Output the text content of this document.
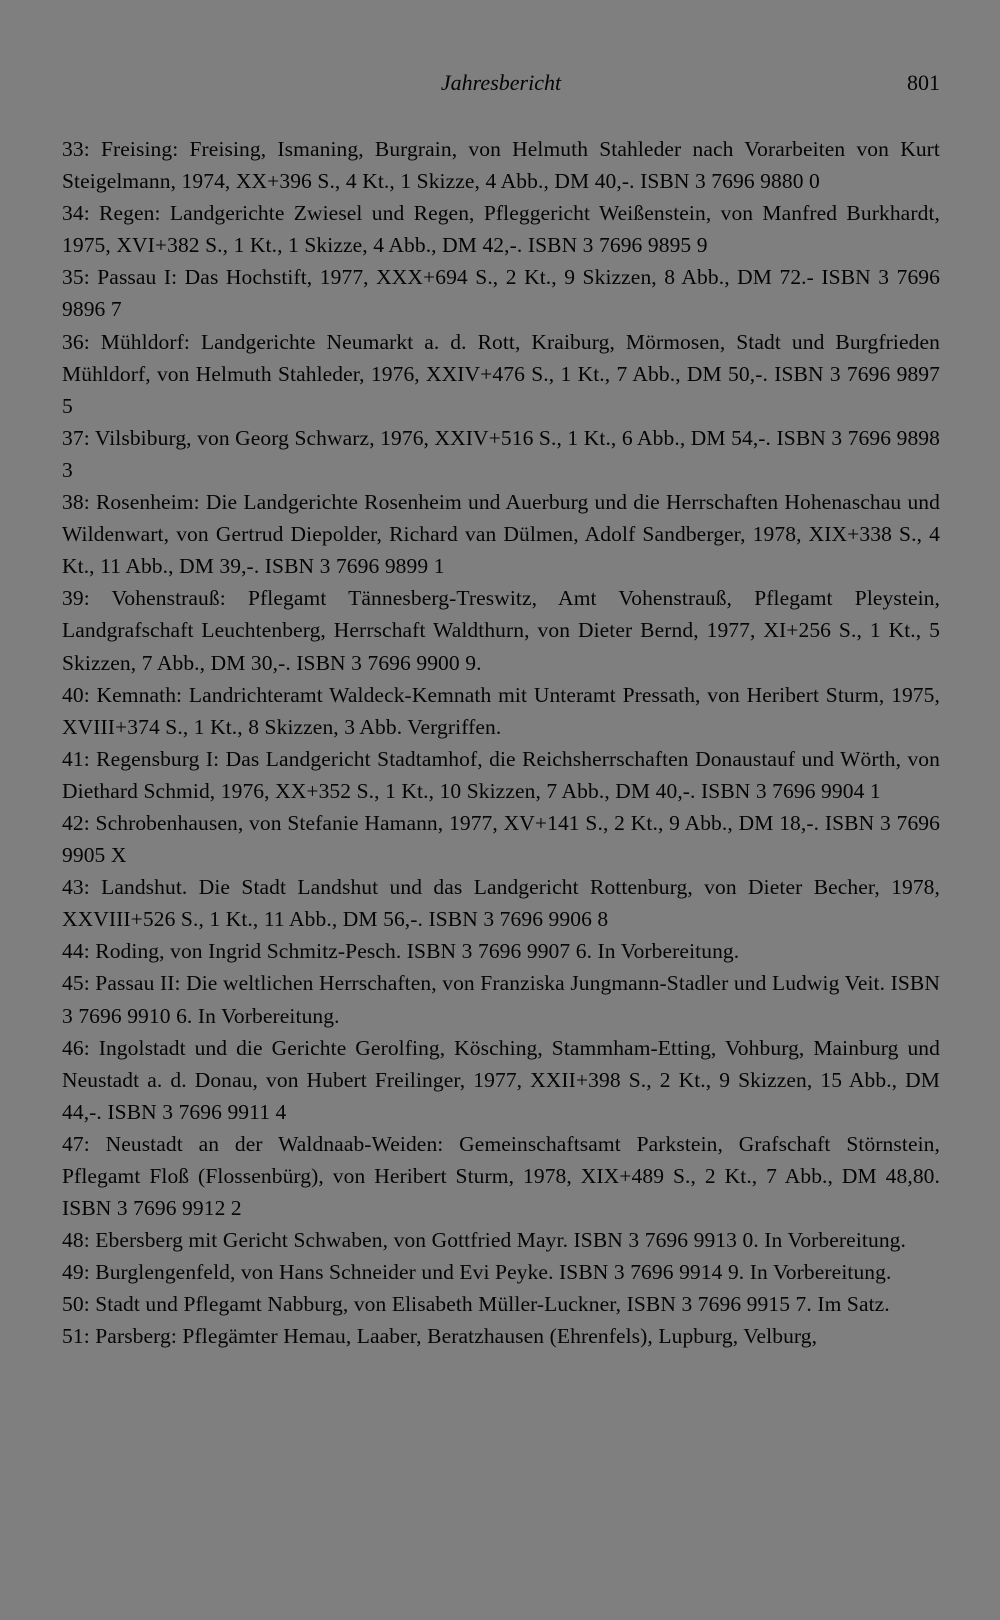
Jahresbericht	801
33: Freising: Freising, Ismaning, Burgrain, von Helmuth Stahleder nach Vorarbeiten von Kurt Steigelmann, 1974, XX+396 S., 4 Kt., 1 Skizze, 4 Abb., DM 40,-. ISBN 3 7696 9880 0
34: Regen: Landgerichte Zwiesel und Regen, Pfleggericht Weißenstein, von Manfred Burkhardt, 1975, XVI+382 S., 1 Kt., 1 Skizze, 4 Abb., DM 42,-. ISBN 3 7696 9895 9
35: Passau I: Das Hochstift, 1977, XXX+694 S., 2 Kt., 9 Skizzen, 8 Abb., DM 72.- ISBN 3 7696 9896 7
36: Mühldorf: Landgerichte Neumarkt a. d. Rott, Kraiburg, Mörmosen, Stadt und Burgfrieden Mühldorf, von Helmuth Stahleder, 1976, XXIV+476 S., 1 Kt., 7 Abb., DM 50,-. ISBN 3 7696 9897 5
37: Vilsbiburg, von Georg Schwarz, 1976, XXIV+516 S., 1 Kt., 6 Abb., DM 54,-. ISBN 3 7696 9898 3
38: Rosenheim: Die Landgerichte Rosenheim und Auerburg und die Herrschaften Hohenaschau und Wildenwart, von Gertrud Diepolder, Richard van Dülmen, Adolf Sandberger, 1978, XIX+338 S., 4 Kt., 11 Abb., DM 39,-. ISBN 3 7696 9899 1
39: Vohenstrauß: Pflegamt Tännesberg-Treswitz, Amt Vohenstrauß, Pflegamt Pleystein, Landgrafschaft Leuchtenberg, Herrschaft Waldthurn, von Dieter Bernd, 1977, XI+256 S., 1 Kt., 5 Skizzen, 7 Abb., DM 30,-. ISBN 3 7696 9900 9.
40: Kemnath: Landrichteramt Waldeck-Kemnath mit Unteramt Pressath, von Heribert Sturm, 1975, XVIII+374 S., 1 Kt., 8 Skizzen, 3 Abb. Vergriffen.
41: Regensburg I: Das Landgericht Stadtamhof, die Reichsherrschaften Donaustauf und Wörth, von Diethard Schmid, 1976, XX+352 S., 1 Kt., 10 Skizzen, 7 Abb., DM 40,-. ISBN 3 7696 9904 1
42: Schrobenhausen, von Stefanie Hamann, 1977, XV+141 S., 2 Kt., 9 Abb., DM 18,-. ISBN 3 7696 9905 X
43: Landshut. Die Stadt Landshut und das Landgericht Rottenburg, von Dieter Becher, 1978, XXVIII+526 S., 1 Kt., 11 Abb., DM 56,-. ISBN 3 7696 9906 8
44: Roding, von Ingrid Schmitz-Pesch. ISBN 3 7696 9907 6. In Vorbereitung.
45: Passau II: Die weltlichen Herrschaften, von Franziska Jungmann-Stadler und Ludwig Veit. ISBN 3 7696 9910 6. In Vorbereitung.
46: Ingolstadt und die Gerichte Gerolfing, Kösching, Stammham-Etting, Vohburg, Mainburg und Neustadt a. d. Donau, von Hubert Freilinger, 1977, XXII+398 S., 2 Kt., 9 Skizzen, 15 Abb., DM 44,-. ISBN 3 7696 9911 4
47: Neustadt an der Waldnaab-Weiden: Gemeinschaftsamt Parkstein, Grafschaft Störnstein, Pflegamt Floß (Flossenbürg), von Heribert Sturm, 1978, XIX+489 S., 2 Kt., 7 Abb., DM 48,80. ISBN 3 7696 9912 2
48: Ebersberg mit Gericht Schwaben, von Gottfried Mayr. ISBN 3 7696 9913 0. In Vorbereitung.
49: Burglengenfeld, von Hans Schneider und Evi Peyke. ISBN 3 7696 9914 9. In Vorbereitung.
50: Stadt und Pflegamt Nabburg, von Elisabeth Müller-Luckner, ISBN 3 7696 9915 7. Im Satz.
51: Parsberg: Pflegämter Hemau, Laaber, Beratzhausen (Ehrenfels), Lupburg, Velburg,
